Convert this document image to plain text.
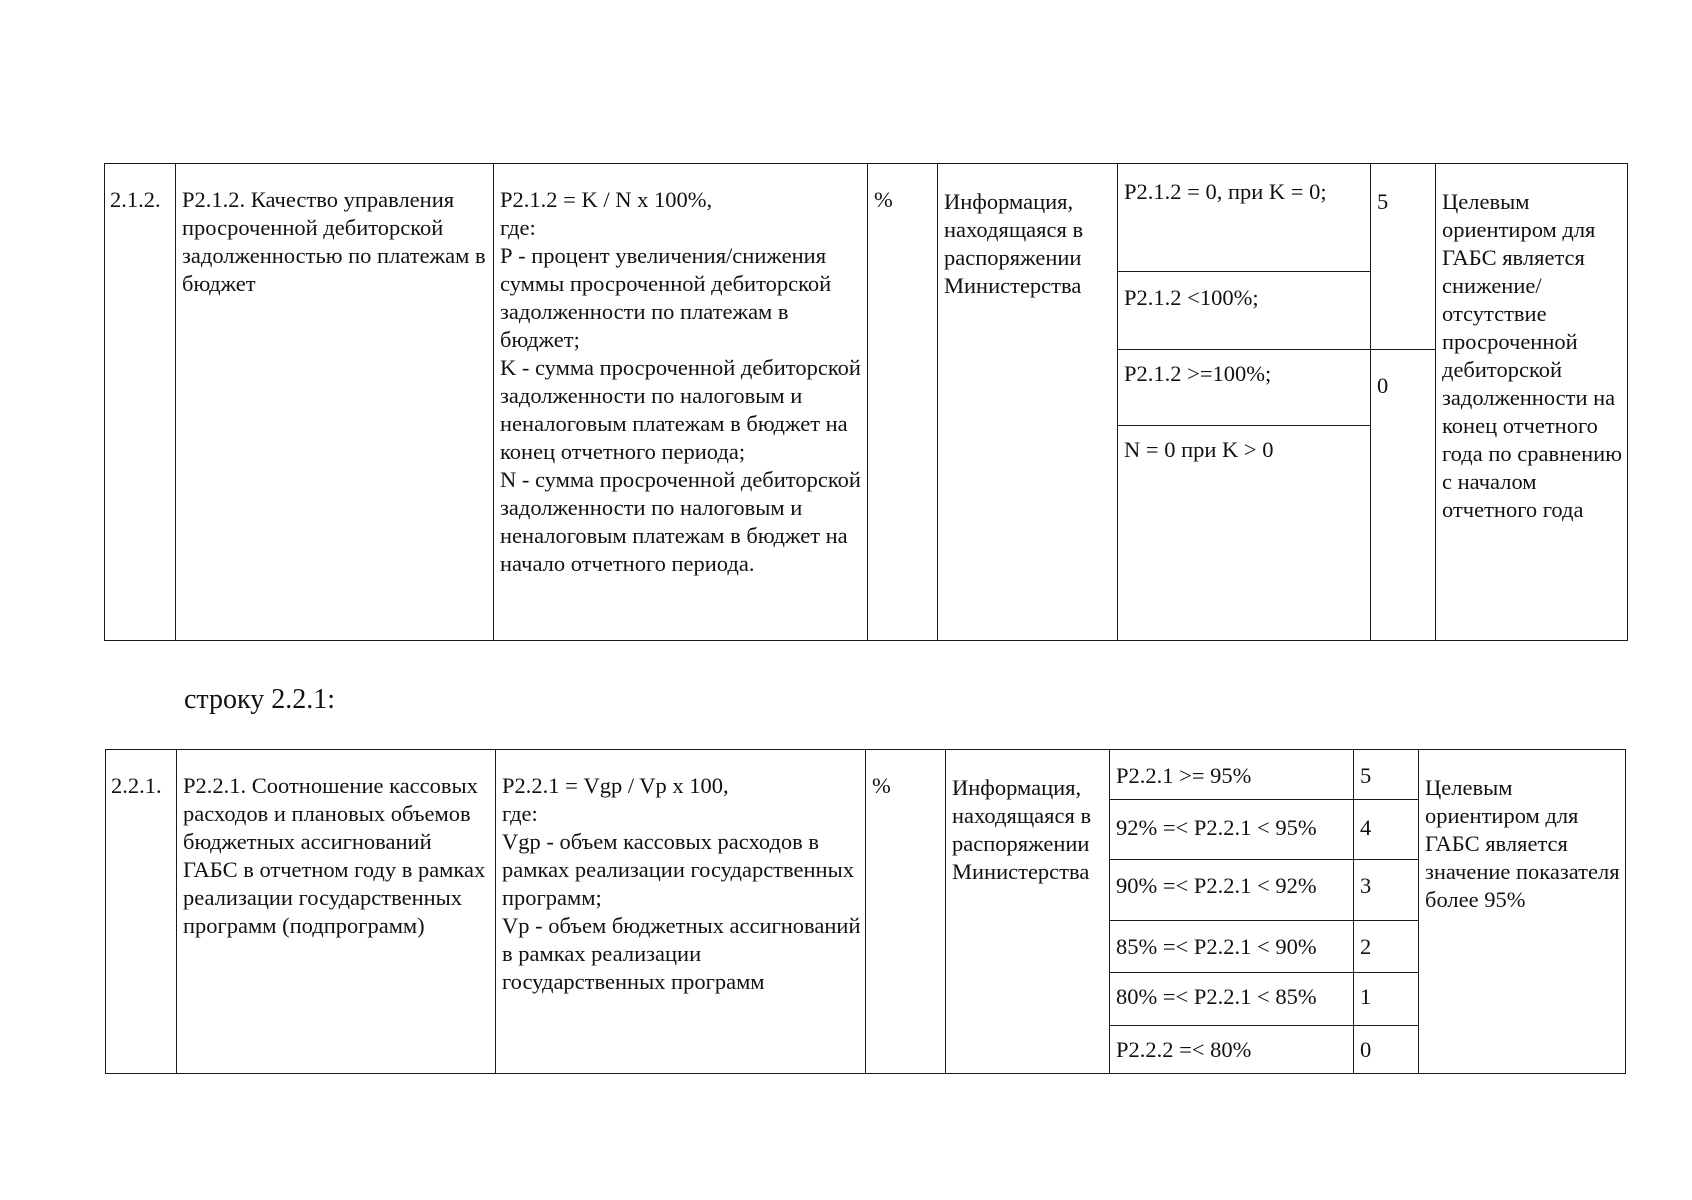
2.1.2.	Р2.1.2. Качество управления просроченной дебиторской задолженностью по платежам в бюджет	Р2.1.2 = K / N x 100%,
где:
Р - процент увеличения/снижения суммы просроченной дебиторской задолженности по платежам в бюджет;
K - сумма просроченной дебиторской задолженности по налоговым и неналоговым платежам в бюджет на конец отчетного периода;
N - сумма просроченной дебиторской задолженности по налоговым и неналоговым платежам в бюджет на начало отчетного периода.	%	Информация, находящаяся в распоряжении Министерства	Р2.1.2 = 0, при K = 0;	5	Целевым ориентиром для ГАБС является снижение/отсутствие просроченной дебиторской задолженности на конец отчетного года по сравнению с началом отчетного года

					Р2.1.2 <100%;		

					Р2.1.2 >=100%;	0	

					N = 0 при K > 0		
строку 2.2.1:
2.2.1.	Р2.2.1. Соотношение кассовых расходов и плановых объемов бюджетных ассигнований ГАБС в отчетном году в рамках реализации государственных программ (подпрограмм)	Р2.2.1 = Vgp / Vp x 100,
где:
Vgp - объем кассовых расходов в рамках реализации государственных программ;
Vp - объем бюджетных ассигнований в рамках реализации государственных программ	%	Информация, находящаяся в распоряжении Министерства	Р2.2.1 >= 95%	5	Целевым ориентиром для ГАБС является значение показателя более 95%

					92% =< Р2.2.1 < 95%	4	

					90% =< Р2.2.1 < 92%	3	

					85% =< Р2.2.1 < 90%	2	

					80% =< Р2.2.1 < 85%	1	

					Р2.2.2 =< 80%	0	
